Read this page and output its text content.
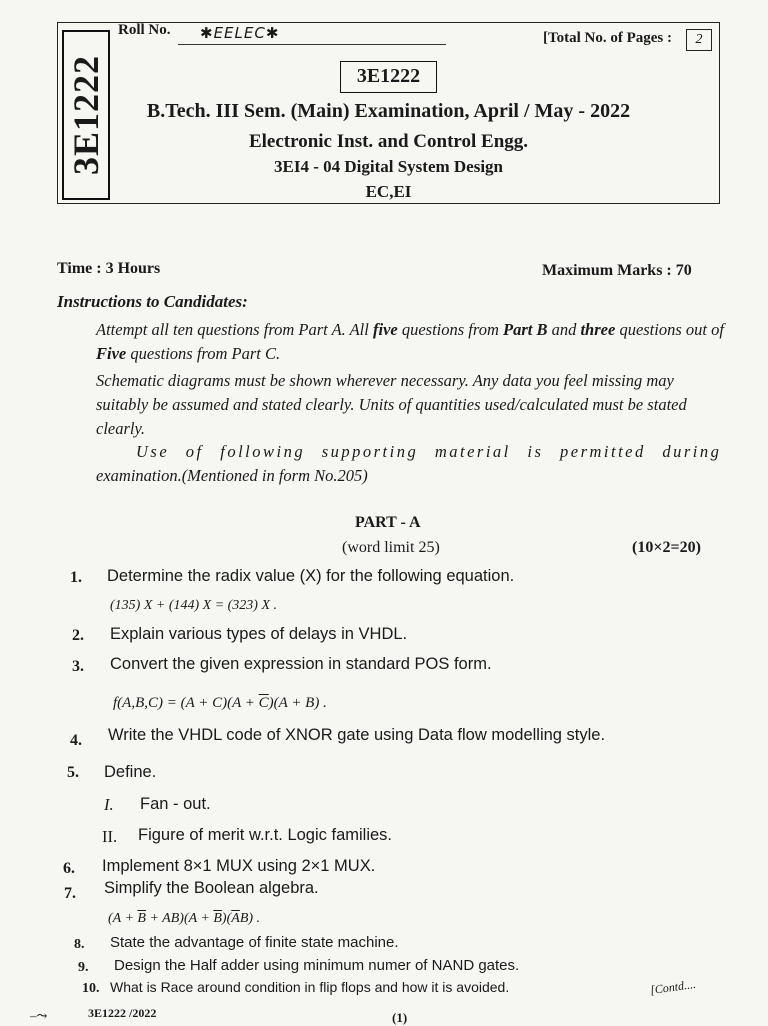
3E1222
Roll No. ✱EELEC✱	[Total No. of Pages :	2
3E1222
B.Tech. III Sem. (Main) Examination, April / May - 2022
Electronic Inst. and Control Engg.
3EI4 - 04 Digital System Design
EC,EI
Time : 3 Hours	Maximum Marks : 70
Instructions to Candidates:
Attempt all ten questions from Part A. All five questions from Part B and three questions out of Five questions from Part C.
Schematic diagrams must be shown wherever necessary. Any data you feel missing may suitably be assumed and stated clearly. Units of quantities used/calculated must be stated clearly.
Use of following supporting material is permitted during
examination.(Mentioned in form No.205)
PART - A
(word limit 25)	(10×2=20)
1. Determine the radix value (X) for the following equation.
(135) X + (144) X = (323) X .
2. Explain various types of delays in VHDL.
3. Convert the given expression in standard POS form.
$f(A,B,C) = (A + C)(A + \overline{C})(A + B)$ .
4. Write the VHDL code of XNOR gate using Data flow modelling style.
5. Define.
I. Fan - out.
II. Figure of merit w.r.t. Logic families.
6. Implement 8×1 MUX using 2×1 MUX.
7. Simplify the Boolean algebra.
$(A + \overline{B} + AB)(A + \overline{B})(\overline{A}B)$ .
8. State the advantage of finite state machine.
9. Design the Half adder using minimum numer of NAND gates.
10. What is Race around condition in flip flops and how it is avoided.	[Contd....
–⤳	3E1222 /2022	(1)
